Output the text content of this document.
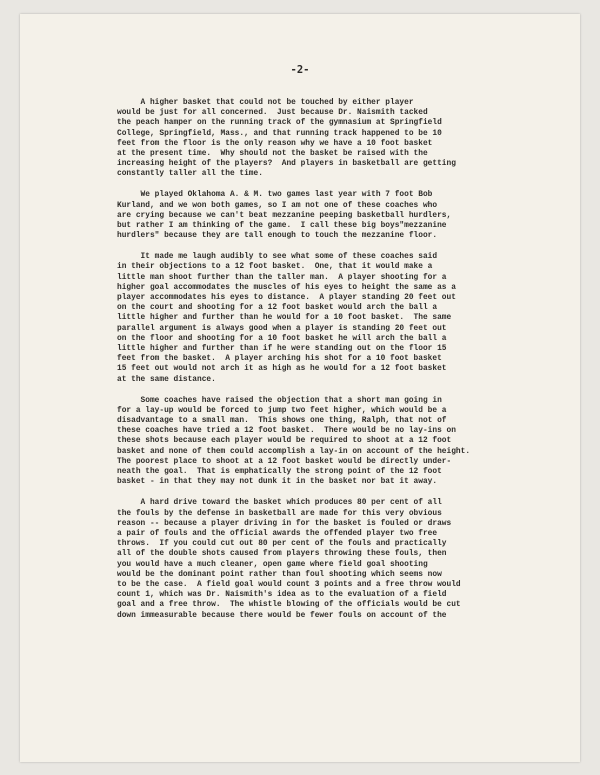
-2-
A higher basket that could not be touched by either player
would be just for all concerned.  Just because Dr. Naismith tacked
the peach hamper on the running track of the gymnasium at Springfield
College, Springfield, Mass., and that running track happened to be 10
feet from the floor is the only reason why we have a 10 foot basket
at the present time.  Why should not the basket be raised with the
increasing height of the players?  And players in basketball are getting
constantly taller all the time.
We played Oklahoma A. & M. two games last year with 7 foot Bob
Kurland, and we won both games, so I am not one of these coaches who
are crying because we can't beat mezzanine peeping basketball hurdlers,
but rather I am thinking of the game.  I call these big boys"mezzanine
hurdlers" because they are tall enough to touch the mezzanine floor.
It made me laugh audibly to see what some of these coaches said
in their objections to a 12 foot basket.  One, that it would make a
little man shoot further than the taller man.  A player shooting for a
higher goal accommodates the muscles of his eyes to height the same as a
player accommodates his eyes to distance.  A player standing 20 feet out
on the court and shooting for a 12 foot basket would arch the ball a
little higher and further than he would for a 10 foot basket.  The same
parallel argument is always good when a player is standing 20 feet out
on the floor and shooting for a 10 foot basket he will arch the ball a
little higher and further than if he were standing out on the floor 15
feet from the basket.  A player arching his shot for a 10 foot basket
15 feet out would not arch it as high as he would for a 12 foot basket
at the same distance.
Some coaches have raised the objection that a short man going in
for a lay-up would be forced to jump two feet higher, which would be a
disadvantage to a small man.  This shows one thing, Ralph, that not of
these coaches have tried a 12 foot basket.  There would be no lay-ins on
these shots because each player would be required to shoot at a 12 foot
basket and none of them could accomplish a lay-in on account of the height.
The poorest place to shoot at a 12 foot basket would be directly under-
neath the goal.  That is emphatically the strong point of the 12 foot
basket - in that they may not dunk it in the basket nor bat it away.
A hard drive toward the basket which produces 80 per cent of all
the fouls by the defense in basketball are made for this very obvious
reason -- because a player driving in for the basket is fouled or draws
a pair of fouls and the official awards the offended player two free
throws.  If you could cut out 80 per cent of the fouls and practically
all of the double shots caused from players throwing these fouls, then
you would have a much cleaner, open game where field goal shooting
would be the dominant point rather than foul shooting which seems now
to be the case.  A field goal would count 3 points and a free throw would
count 1, which was Dr. Naismith's idea as to the evaluation of a field
goal and a free throw.  The whistle blowing of the officials would be cut
down immeasurable because there would be fewer fouls on account of the
